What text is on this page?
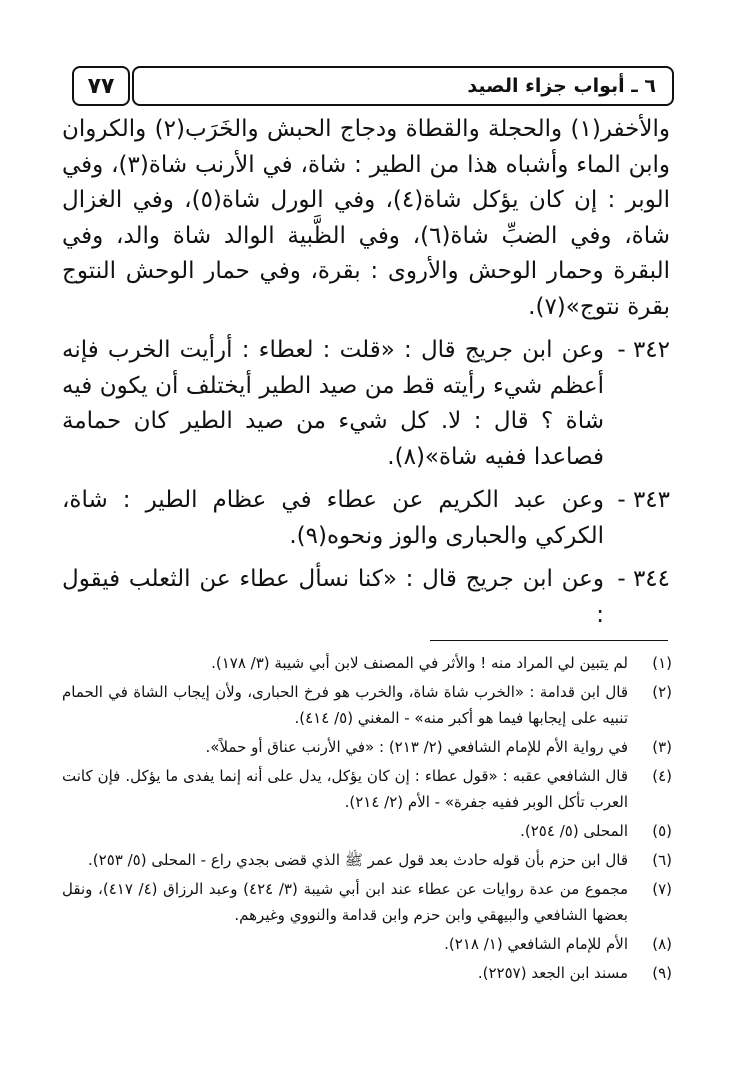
٧٧	٦ ـ أبواب جزاء الصيد

والأخفر(١) والحجلة والقطاة ودجاج الحبش والخَرَب(٢) والكروان وابن الماء وأشباه هذا من الطير : شاة، في الأرنب شاة(٣)، وفي الوبر : إن كان يؤكل شاة(٤)، وفي الورل شاة(٥)، وفي الغزال شاة، وفي الضبِّ شاة(٦)، وفي الظَّبية الوالد شاة والد، وفي البقرة وحمار الوحش والأروى : بقرة، وفي حمار الوحش النتوج بقرة نتوج»(٧).

٣٤٢ -

وعن ابن جريج قال : «قلت : لعطاء : أرأيت الخرب فإنه أعظم شيء رأيته قط من صيد الطير أيختلف أن يكون فيه شاة ؟ قال : لا. كل شيء من صيد الطير كان حمامة فصاعدا ففيه شاة»(٨).

٣٤٣ -

وعن عبد الكريم عن عطاء في عظام الطير : شاة، الكركي والحبارى والوز ونحوه(٩).

٣٤٤ -

وعن ابن جريج قال : «كنا نسأل عطاء عن الثعلب فيقول :

(١)
لم يتبين لي المراد منه ! والأثر في المصنف لابن أبي شيبة (٣/ ١٧٨).
(٢)
قال ابن قدامة : «الخرب شاة شاة، والخرب هو فرخ الحبارى، ولأن إيجاب الشاة في الحمام تنبيه على إيجابها فيما هو أكبر منه» - المغني (٥/ ٤١٤).
(٣)
في رواية الأم للإمام الشافعي (٢/ ٢١٣) : «في الأرنب عناق أو حملاً».
(٤)
قال الشافعي عقبه : «قول عطاء : إن كان يؤكل، يدل على أنه إنما يفدى ما يؤكل. فإن كانت العرب تأكل الوبر ففيه جفرة» - الأم (٢/ ٢١٤).
(٥)
المحلى (٥/ ٢٥٤).
(٦)
قال ابن حزم بأن قوله حادث بعد قول عمر ﷺ الذي قضى بجدي راع - المحلى (٥/ ٢٥٣).
(٧)
مجموع من عدة روايات عن عطاء عند ابن أبي شيبة (٣/ ٤٢٤) وعبد الرزاق (٤/ ٤١٧)، ونقل بعضها الشافعي والبيهقي وابن حزم وابن قدامة والنووي وغيرهم.
(٨)
الأم للإمام الشافعي (١/ ٢١٨).
(٩)
مسند ابن الجعد (٢٢٥٧).
